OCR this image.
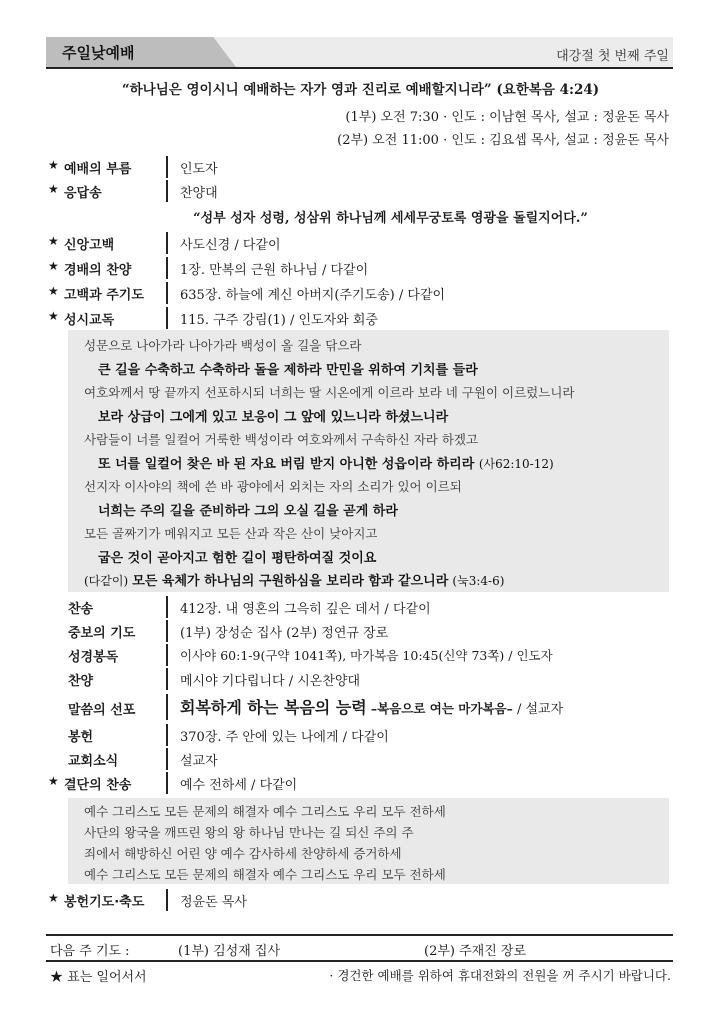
주일낮예배	대강절 첫 번째 주일
“하나님은 영이시니 예배하는 자가 영과 진리로 예배할지니라” (요한복음 4:24)
(1부) 오전 7:30 · 인도 : 이남현 목사, 설교 : 정윤돈 목사
(2부) 오전 11:00 · 인도 : 김요셉 목사, 설교 : 정윤돈 목사
★ 예배의 부름	인도자
★ 응답송	찬양대
“성부 성자 성령, 성삼위 하나님께 세세무궁토록 영광을 돌릴지어다.”
★ 신앙고백	사도신경 / 다같이
★ 경배의 찬양	1장. 만복의 근원 하나님 / 다같이
★ 고백과 주기도	635장. 하늘에 계신 아버지(주기도송) / 다같이
★ 성시교독	115. 구주 강림(1) / 인도자와 회중
성문으로 나아가라 나아가라 백성이 올 길을 닦으라
큰 길을 수축하고 수축하라 돌을 제하라 만민을 위하여 기치를 들라
여호와께서 땅 끝까지 선포하시되 너희는 딸 시온에게 이르라 보라 네 구원이 이르렀느니라
보라 상급이 그에게 있고 보응이 그 앞에 있느니라 하셨느니라
사람들이 너를 일컬어 거룩한 백성이라 여호와께서 구속하신 자라 하겠고
또 너를 일컬어 찾은 바 된 자요 버림 받지 아니한 성읍이라 하리라 (사62:10-12)
선지자 이사야의 책에 쓴 바 광야에서 외치는 자의 소리가 있어 이르되
너희는 주의 길을 준비하라 그의 오실 길을 곧게 하라
모든 골짜기가 메워지고 모든 산과 작은 산이 낮아지고
굽은 것이 곧아지고 험한 길이 평탄하여질 것이요
(다같이) 모든 육체가 하나님의 구원하심을 보리라 함과 같으니라 (눅3:4-6)
찬송	412장. 내 영혼의 그윽히 깊은 데서 / 다같이
중보의 기도	(1부) 장성순 집사 (2부) 정연규 장로
성경봉독	이사야 60:1-9(구약 1041쪽), 마가복음 10:45(신약 73쪽) / 인도자
찬양	메시야 기다립니다 / 시온찬양대
말씀의 선포	회복하게 하는 복음의 능력 –복음으로 여는 마가복음– / 설교자
봉헌	370장. 주 안에 있는 나에게 / 다같이
교회소식	설교자
★ 결단의 찬송	예수 전하세 / 다같이
예수 그리스도 모든 문제의 해결자 예수 그리스도 우리 모두 전하세
사단의 왕국을 깨뜨린 왕의 왕 하나님 만나는 길 되신 주의 주
죄에서 해방하신 어린 양 예수 감사하세 찬양하세 증거하세
예수 그리스도 모든 문제의 해결자 예수 그리스도 우리 모두 전하세
★ 봉헌기도·축도	정윤돈 목사
다음 주 기도 :	(1부) 김성재 집사	(2부) 주재진 장로
★ 표는 일어서서	· 경건한 예배를 위하여 휴대전화의 전원을 꺼 주시기 바랍니다.
